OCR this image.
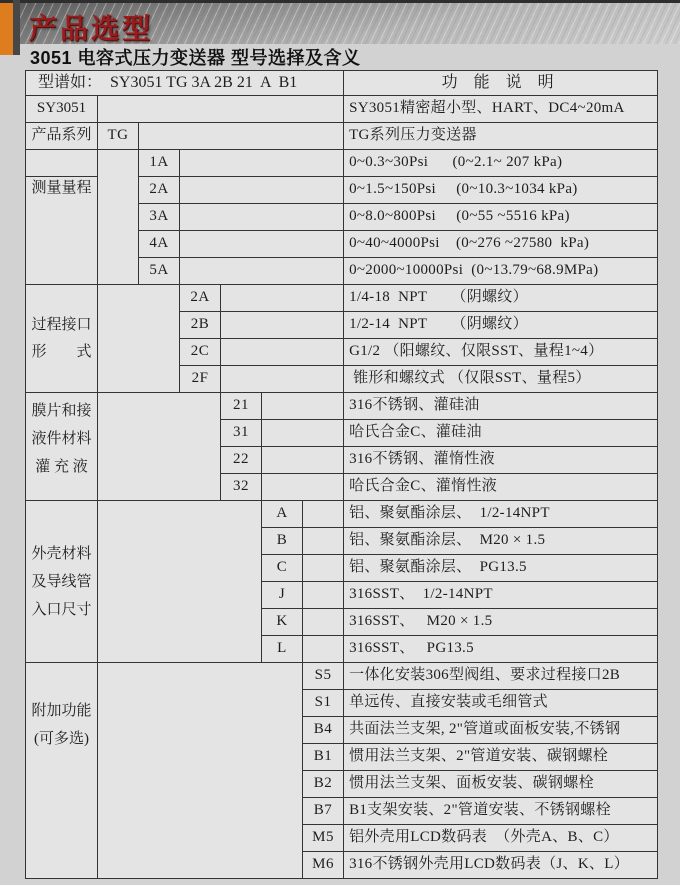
产品选型
3051 电容式压力变送器 型号选择及含义
型谱如：  SY3051 TG 3A 2B 21  A  B1							功 能 说 明
SY3051							SY3051精密超小型、HART、DC4~20mA
产品系列	TG						TG系列压力变送器
		1A					0~0.3~30Psi      (0~2.1~ 207 kPa)
测量量程		2A					0~1.5~150Psi     (0~10.3~1034 kPa)
		3A					0~8.0~800Psi     (0~55 ~5516 kPa)
		4A					0~40~4000Psi    (0~276 ~27580  kPa)
		5A					0~2000~10000Psi  (0~13.79~68.9MPa)

过程接口
形　　式			2A				1/4-18  NPT      （阴螺纹）
			2B				1/2-14  NPT      （阴螺纹）
			2C				G1/2 （阳螺纹、仅限SST、量程1~4）
			2F				锥形和螺纹式 （仅限SST、量程5）

膜片和接
液件材料
灌 充 液				21			316不锈钢、灌硅油
				31			哈氏合金C、灌硅油
				22			316不锈钢、灌惰性液
				32			哈氏合金C、灌惰性液

外壳材料
及导线管
入口尺寸					A		铝、聚氨酯涂层、  1/2-14NPT
					B		铝、聚氨酯涂层、  M20 × 1.5
					C		铝、聚氨酯涂层、  PG13.5
					J		316SST、  1/2-14NPT
					K		316SST、   M20 × 1.5
					L		316SST、   PG13.5

附加功能
(可多选)						S5	一体化安装306型阀组、要求过程接口2B
						S1	单远传、直接安装或毛细管式
						B4	共面法兰支架, 2"管道或面板安装,不锈钢
						B1	惯用法兰支架、2"管道安装、碳钢螺栓
						B2	惯用法兰支架、面板安装、碳钢螺栓
						B7	B1支架安装、2"管道安装、不锈钢螺栓
						M5	铝外壳用LCD数码表  （外壳A、B、C）
						M6	316不锈钢外壳用LCD数码表（J、K、L）
